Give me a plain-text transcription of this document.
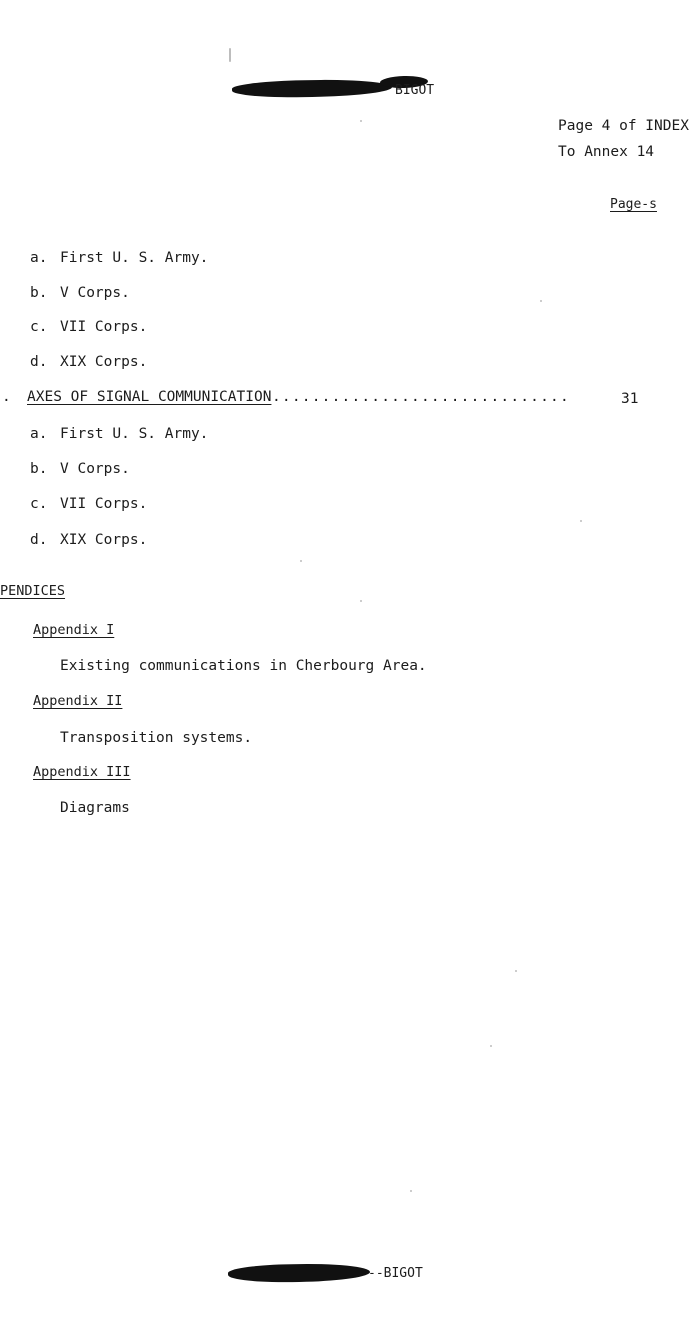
BIGOT
Page 4 of INDEX
To Annex 14
Page-s
a. First U. S. Army.
b. V Corps.
c. VII Corps.
d. XIX Corps.
. AXES OF SIGNAL COMMUNICATION ..............................	31
a. First U. S. Army.
b. V Corps.
c. VII Corps.
d. XIX Corps.
PENDICES
Appendix I
Existing communications in Cherbourg Area.
Appendix II
Transposition systems.
Appendix III
Diagrams
--BIGOT
